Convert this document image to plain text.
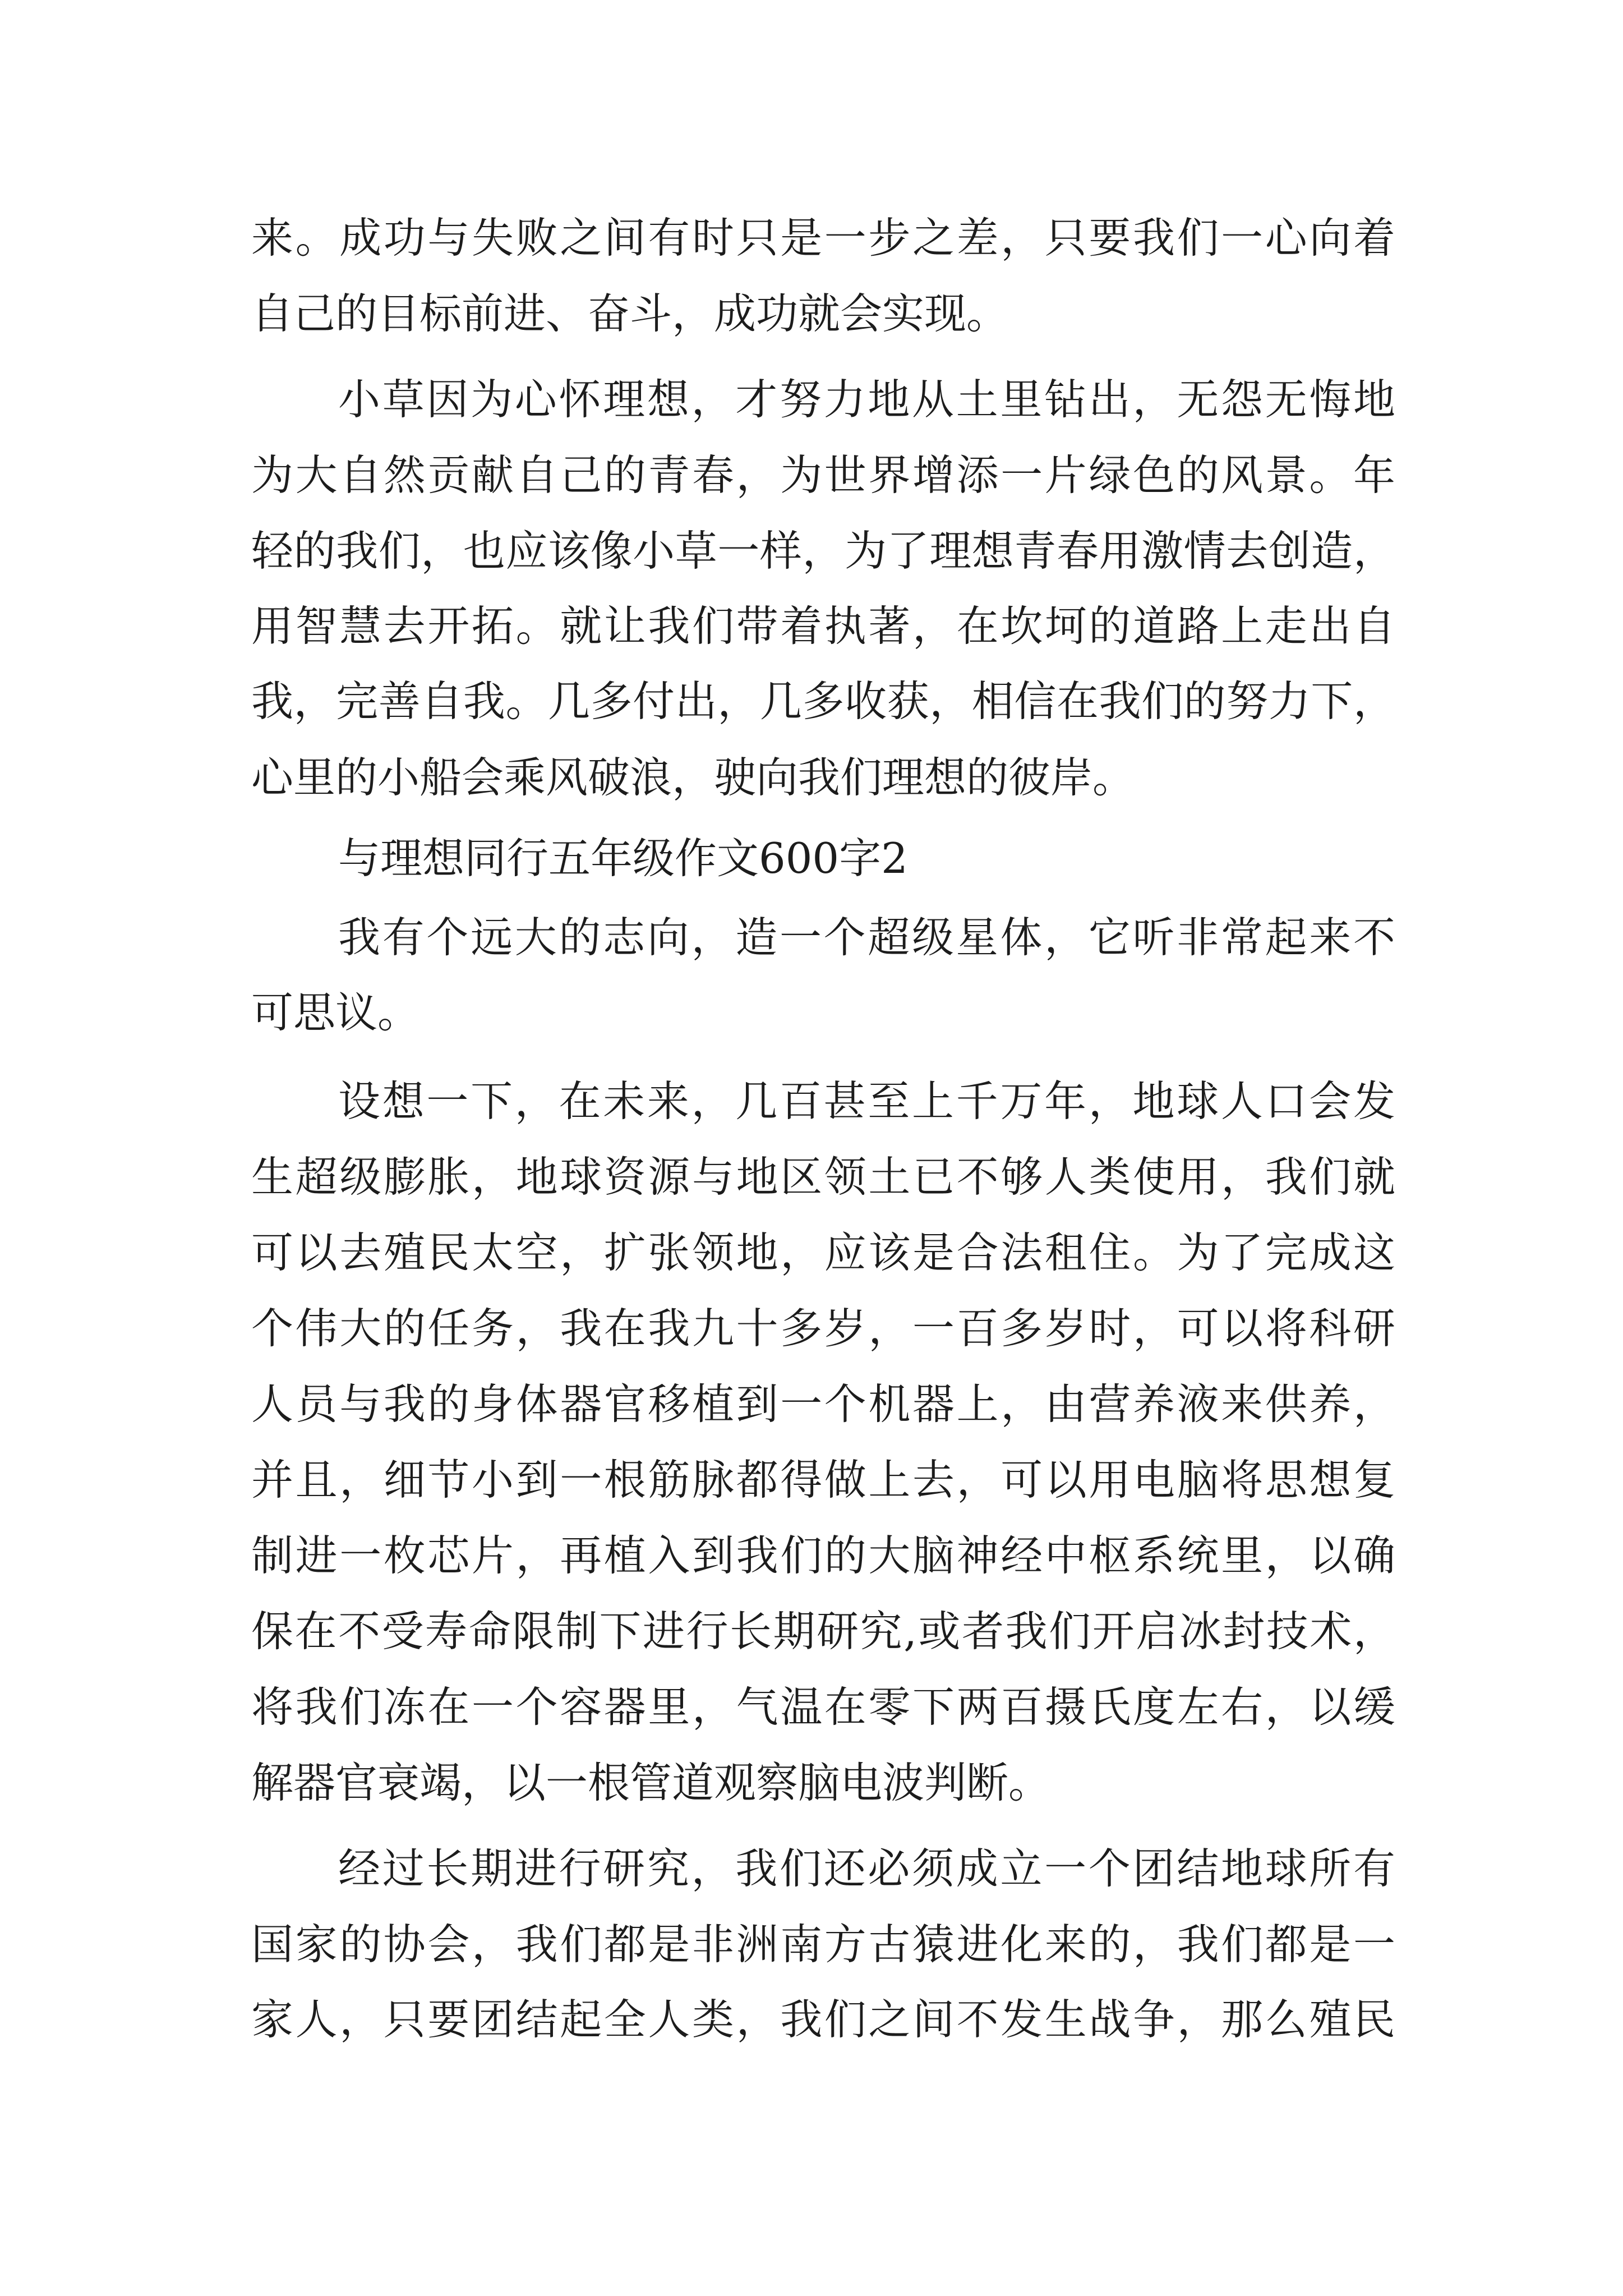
来。成功与失败之间有时只是一步之差，只要我们一心向着
自己的目标前进、奋斗，成功就会实现。
小草因为心怀理想，才努力地从土里钻出，无怨无悔地
为大自然贡献自己的青春，为世界增添一片绿色的风景。年
轻的我们，也应该像小草一样，为了理想青春用激情去创造，
用智慧去开拓。就让我们带着执著，在坎坷的道路上走出自
我，完善自我。几多付出，几多收获，相信在我们的努力下，
心里的小船会乘风破浪，驶向我们理想的彼岸。
与理想同行五年级作文600字2
我有个远大的志向，造一个超级星体，它听非常起来不
可思议。
设想一下，在未来，几百甚至上千万年，地球人口会发
生超级膨胀，地球资源与地区领土已不够人类使用，我们就
可以去殖民太空，扩张领地，应该是合法租住。为了完成这
个伟大的任务，我在我九十多岁，一百多岁时，可以将科研
人员与我的身体器官移植到一个机器上，由营养液来供养，
并且，细节小到一根筋脉都得做上去，可以用电脑将思想复
制进一枚芯片，再植入到我们的大脑神经中枢系统里，以确
保在不受寿命限制下进行长期研究,或者我们开启冰封技术，
将我们冻在一个容器里，气温在零下两百摄氏度左右，以缓
解器官衰竭，以一根管道观察脑电波判断。
经过长期进行研究，我们还必须成立一个团结地球所有
国家的协会，我们都是非洲南方古猿进化来的，我们都是一
家人，只要团结起全人类，我们之间不发生战争，那么殖民
